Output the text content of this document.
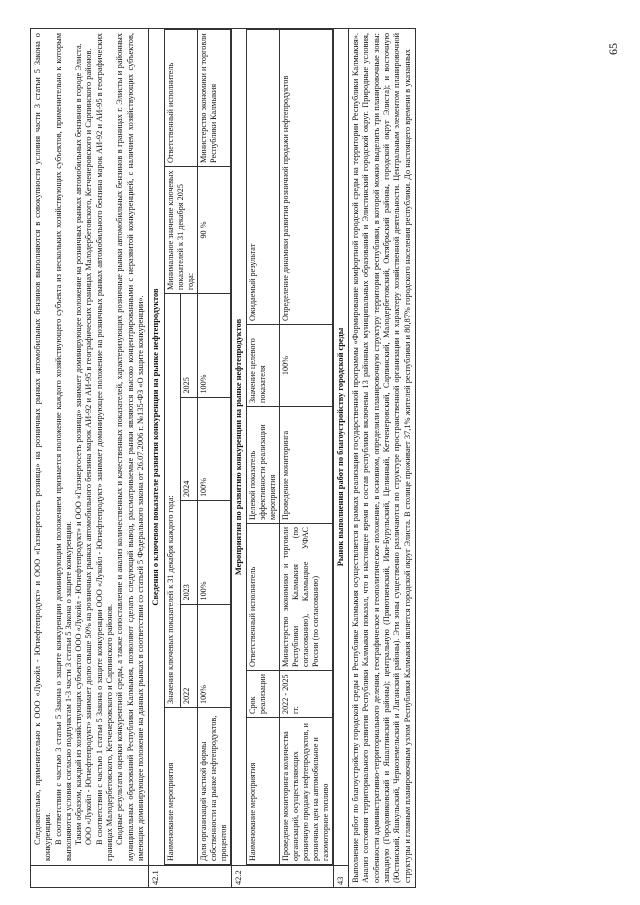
Следовательно, применительно к ООО «Лукойл - Югнефтепродукт» и ООО «Газэнергосеть розница» на розничных рынках автомобильных бензинов выполняются в совокупности условия части 3 статьи 5 Закона о конкуренции. В соответствии с частью 3 статьи 5 Закона о защите конкуренции доминирующим положением признается положение каждого хозяйствующего субъекта из нескольких хозяйствующих субъектов, применительно к которым выполняются условия согласно подпунктам 1-3 части 3 статьи 5 Закона о защите конкуренции. Таким образом, каждый из хозяйствующих субъектов ООО «Лукойл - Югнефтепродукт» и ООО «Газэнергосеть розница» занимает доминирующее положение на розничных рынках автомобильных бензинов в городе Элиста. ООО «Лукойл - Югнефтепродукт» занимает долю свыше 50% на розничных рынках автомобильного бензина марок АИ-92 и АИ-95 в географических границах Малодербетовского, Кетченеровского и Сарпинского районов. В соответствии с частью 1 статьи 5 Закона о защите конкуренции ООО «Лукойл - Югнефтепродукт» занимает доминирующее положение на розничных рынках автомобильного бензина марок АИ-92 и АИ-95 в географических границах Малодербетовского, Кетченеровского и Сарпинского районов. Сводные результаты оценки конкурентной среды, а также сопоставление и анализ количественных и качественных показателей, характеризующих розничные рынки автомобильных бензинов в границах г. Элисты и районных муниципальных образований Республики Калмыкия, позволяют сделать следующий вывод, рассматриваемые рынки являются высоко концентрированными с неразвитой конкуренцией, с наличием хозяйствующих субъектов, имеющих доминирующее положение на данных рынках в соответствии со статьей 5 Федерального закона от 26.07.2006 г. №135-ФЗ «О защите конкуренции».

42.1
Сведения о ключевом показателе развития конкуренции на рынке нефтепродуктов
Наименование мероприятия	Значения ключевых показателей к 31 декабря каждого года:				Минимальное значение ключевых показателей к 31 декабря 2025 года:	Ответственный исполнитель
	2022	2023	2024	2025		
Доля организаций частной формы собственности на рынке нефтепродуктов, процентов	100%	100%	100%	100%	90 %	Министерство экономики и торговли Республики Калмыкия
42.2
Мероприятия по развитию конкуренции на рынке нефтепродуктов
Наименование мероприятия	Срок реализации	Ответственный исполнитель	Целевой показатель эффективности реализации мероприятия	Значение целевого показателя	Ожидаемый результат
Проведение мониторинга количества организаций, осуществляющих розничную продажу нефтепродуктов, и розничных цен на автомобильное и газомоторное топливо	2022 - 2025 гг.	Министерство экономики и торговли Республики Калмыкия (по согласованию), Калмыцкое УФАС России (по согласованию)	Проведение мониторинга	100%	Определение динамики развития розничной продажи нефтепродуктов
43
Рынок выполнения работ по благоустройству городской среды Выполнение работ по благоустройству городской среды в Республике Калмыкия осуществляется в рамках реализации государственной программы «Формирование комфортной городской среды на территории Республики Калмыкия». Анализ состояния территориального развития Республики Калмыкия показал, что в настоящее время в состав республики включены 13 районных муниципальных образований и Элистинский городской округ. Природные условия, особенности административно-территориального деления, географическое и геополитическое положение, в основном, определили планировочную структуру территории республики, в которой можно выделить три планировочные зоны: западную (Городовиковский и Яшалтинский районы); центральную (Приютненский, Ики-Бурульский, Целинный, Кетченеровский, Сарпинский, Малодербетовский, Октябрьский районы, городской округ Элиста); и восточную (Юстинский, Яшкульский, Черноземельский и Лаганский районы). Эти зоны существенно различаются по структуре пространственной организации и характеру хозяйственной деятельности. Центральным элементом планировочной структуры и главным планировочным узлом Республики Калмыкия является городской округ Элиста. В столице проживает 37,1% жителей республики и 80,87% городского населения республики. До настоящего времени в указанных

65
